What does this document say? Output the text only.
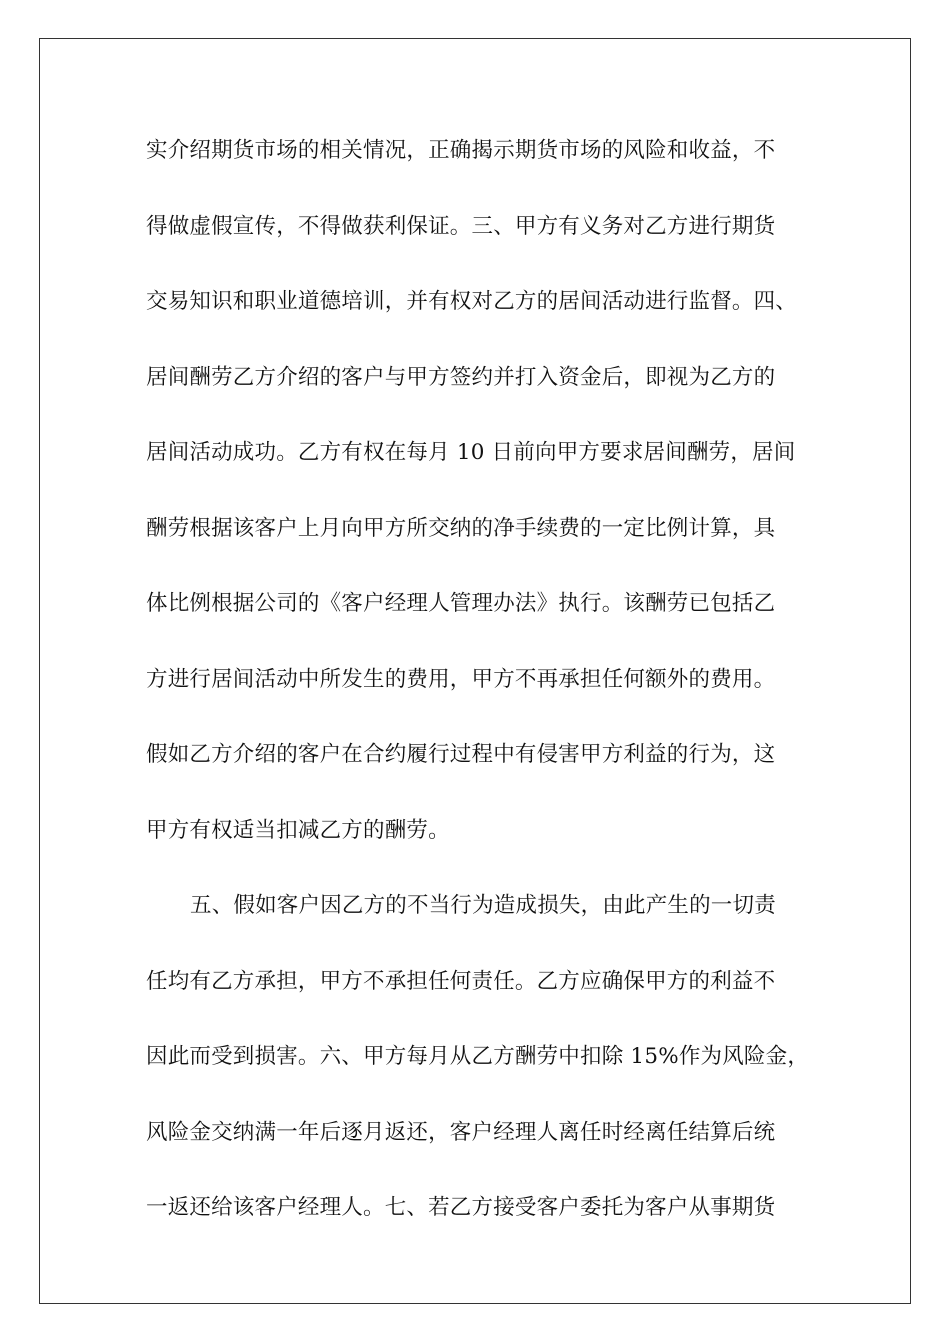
实介绍期货市场的相关情况，正确揭示期货市场的风险和收益，不
得做虚假宣传，不得做获利保证。三、甲方有义务对乙方进行期货
交易知识和职业道德培训，并有权对乙方的居间活动进行监督。四、
居间酬劳乙方介绍的客户与甲方签约并打入资金后，即视为乙方的
居间活动成功。乙方有权在每月 10 日前向甲方要求居间酬劳，居间
酬劳根据该客户上月向甲方所交纳的净手续费的一定比例计算，具
体比例根据公司的《客户经理人管理办法》执行。该酬劳已包括乙
方进行居间活动中所发生的费用，甲方不再承担任何额外的费用。
假如乙方介绍的客户在合约履行过程中有侵害甲方利益的行为，这
甲方有权适当扣减乙方的酬劳。
五、假如客户因乙方的不当行为造成损失，由此产生的一切责
任均有乙方承担，甲方不承担任何责任。乙方应确保甲方的利益不
因此而受到损害。六、甲方每月从乙方酬劳中扣除 15%作为风险金，
风险金交纳满一年后逐月返还，客户经理人离任时经离任结算后统
一返还给该客户经理人。七、若乙方接受客户委托为客户从事期货
